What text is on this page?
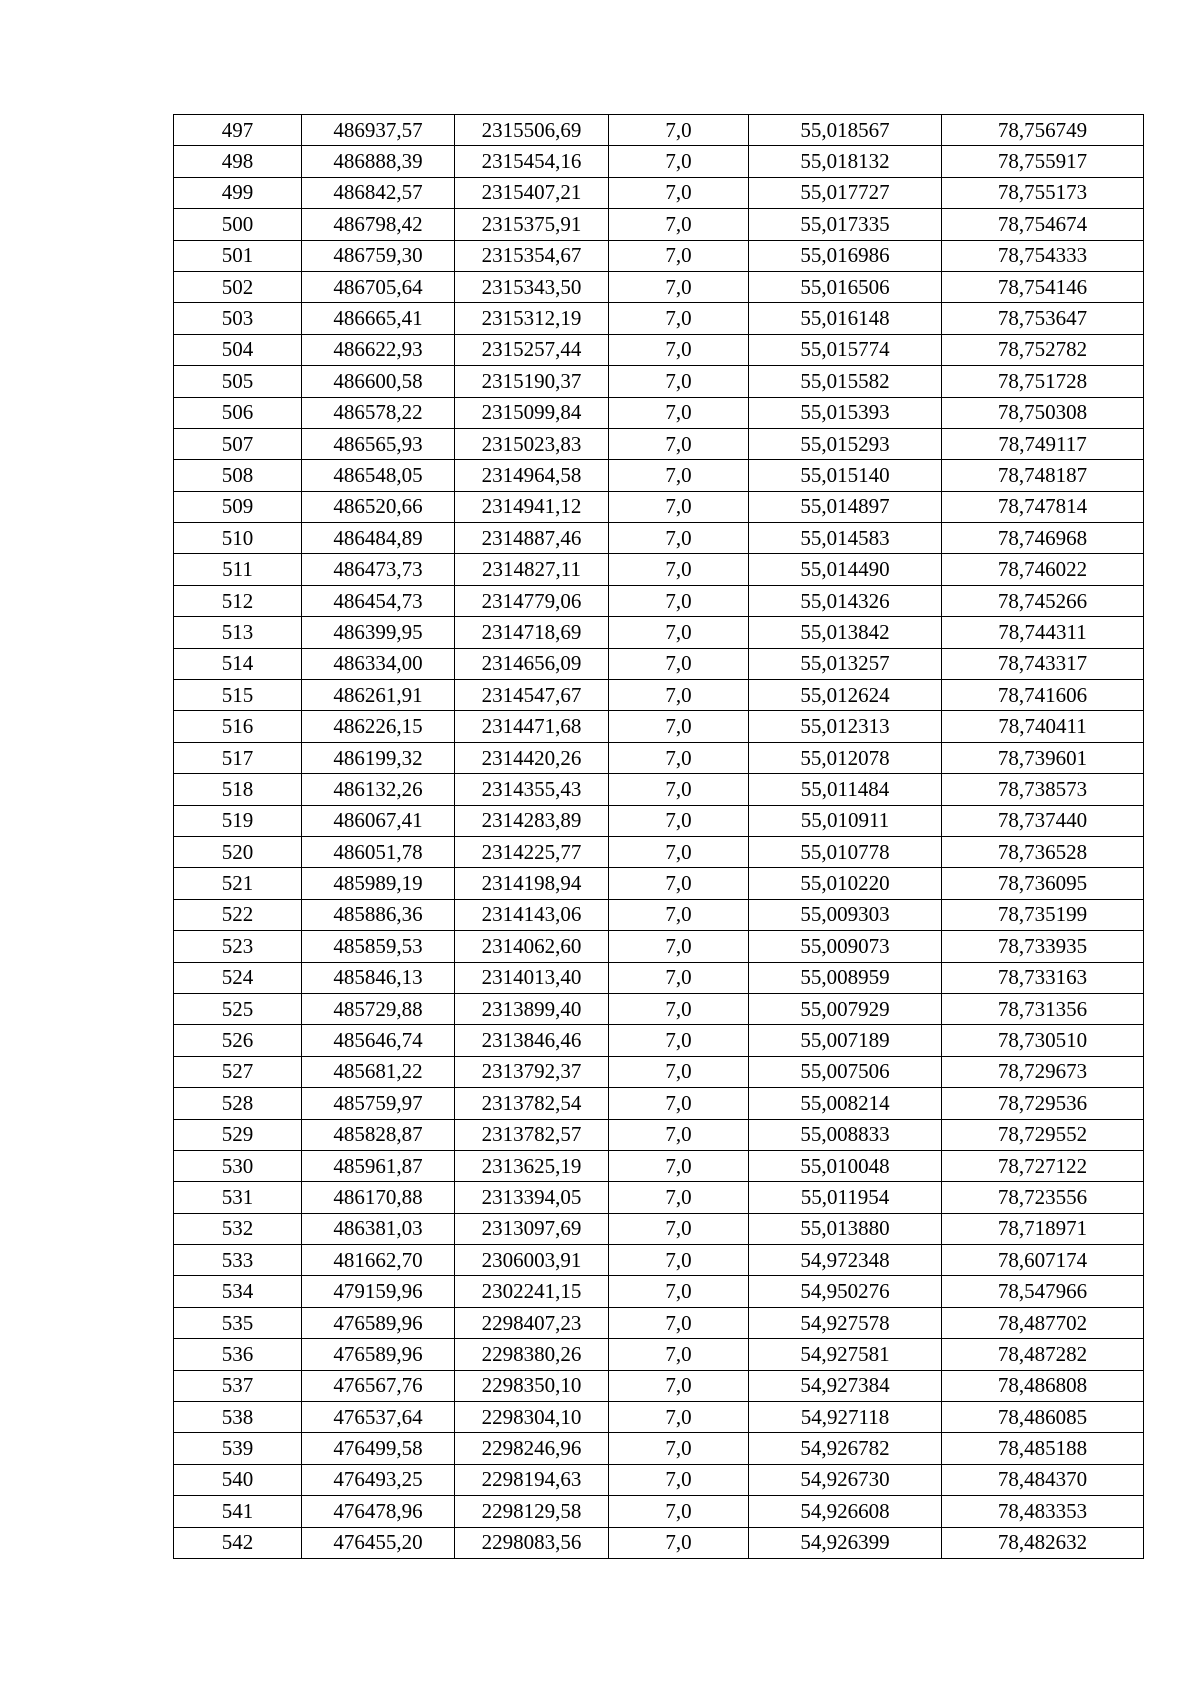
497	486937,57	2315506,69	7,0	55,018567	78,756749
498	486888,39	2315454,16	7,0	55,018132	78,755917
499	486842,57	2315407,21	7,0	55,017727	78,755173
500	486798,42	2315375,91	7,0	55,017335	78,754674
501	486759,30	2315354,67	7,0	55,016986	78,754333
502	486705,64	2315343,50	7,0	55,016506	78,754146
503	486665,41	2315312,19	7,0	55,016148	78,753647
504	486622,93	2315257,44	7,0	55,015774	78,752782
505	486600,58	2315190,37	7,0	55,015582	78,751728
506	486578,22	2315099,84	7,0	55,015393	78,750308
507	486565,93	2315023,83	7,0	55,015293	78,749117
508	486548,05	2314964,58	7,0	55,015140	78,748187
509	486520,66	2314941,12	7,0	55,014897	78,747814
510	486484,89	2314887,46	7,0	55,014583	78,746968
511	486473,73	2314827,11	7,0	55,014490	78,746022
512	486454,73	2314779,06	7,0	55,014326	78,745266
513	486399,95	2314718,69	7,0	55,013842	78,744311
514	486334,00	2314656,09	7,0	55,013257	78,743317
515	486261,91	2314547,67	7,0	55,012624	78,741606
516	486226,15	2314471,68	7,0	55,012313	78,740411
517	486199,32	2314420,26	7,0	55,012078	78,739601
518	486132,26	2314355,43	7,0	55,011484	78,738573
519	486067,41	2314283,89	7,0	55,010911	78,737440
520	486051,78	2314225,77	7,0	55,010778	78,736528
521	485989,19	2314198,94	7,0	55,010220	78,736095
522	485886,36	2314143,06	7,0	55,009303	78,735199
523	485859,53	2314062,60	7,0	55,009073	78,733935
524	485846,13	2314013,40	7,0	55,008959	78,733163
525	485729,88	2313899,40	7,0	55,007929	78,731356
526	485646,74	2313846,46	7,0	55,007189	78,730510
527	485681,22	2313792,37	7,0	55,007506	78,729673
528	485759,97	2313782,54	7,0	55,008214	78,729536
529	485828,87	2313782,57	7,0	55,008833	78,729552
530	485961,87	2313625,19	7,0	55,010048	78,727122
531	486170,88	2313394,05	7,0	55,011954	78,723556
532	486381,03	2313097,69	7,0	55,013880	78,718971
533	481662,70	2306003,91	7,0	54,972348	78,607174
534	479159,96	2302241,15	7,0	54,950276	78,547966
535	476589,96	2298407,23	7,0	54,927578	78,487702
536	476589,96	2298380,26	7,0	54,927581	78,487282
537	476567,76	2298350,10	7,0	54,927384	78,486808
538	476537,64	2298304,10	7,0	54,927118	78,486085
539	476499,58	2298246,96	7,0	54,926782	78,485188
540	476493,25	2298194,63	7,0	54,926730	78,484370
541	476478,96	2298129,58	7,0	54,926608	78,483353
542	476455,20	2298083,56	7,0	54,926399	78,482632
